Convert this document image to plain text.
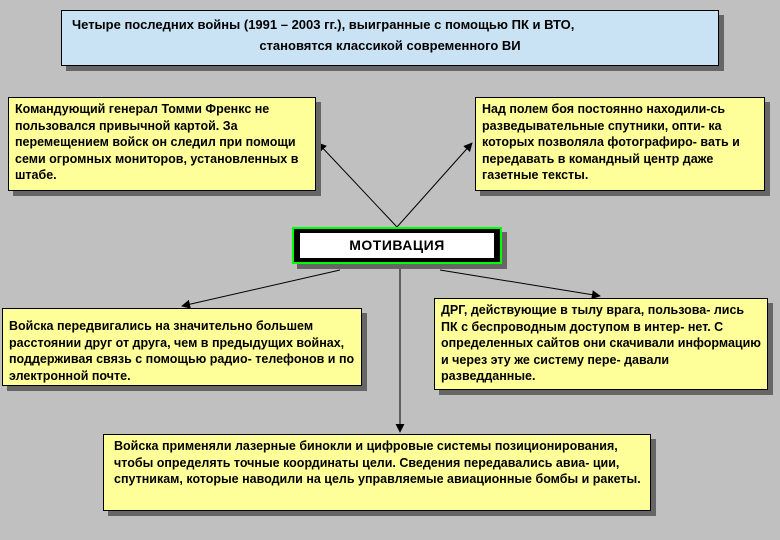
Четыре последних войны (1991 – 2003 гг.), выигранные с помощью ПК и ВТО,
становятся классикой современного ВИ
Командующий генерал Томми Френкс не пользовался привычной картой. За перемещением войск он следил при помощи семи огромных мониторов, установленных в штабе.
Над полем боя постоянно находили-сь разведывательные спутники, опти- ка которых позволяла фотографиро- вать и передавать в командный центр даже газетные тексты.
МОТИВАЦИЯ
Войска передвигались на значительно большем расстоянии друг от друга, чем в предыдущих войнах, поддерживая связь с помощью радио- телефонов и по электронной почте.
ДРГ, действующие в тылу врага, пользова- лись ПК с беспроводным доступом в интер- нет. С определенных сайтов они скачивали информацию и через эту же систему пере- давали разведданные.
Войска применяли лазерные бинокли и цифровые системы позиционирования, чтобы определять точные координаты цели. Сведения передавались авиа- ции, спутникам, которые наводили на цель управляемые авиационные бомбы и ракеты.
